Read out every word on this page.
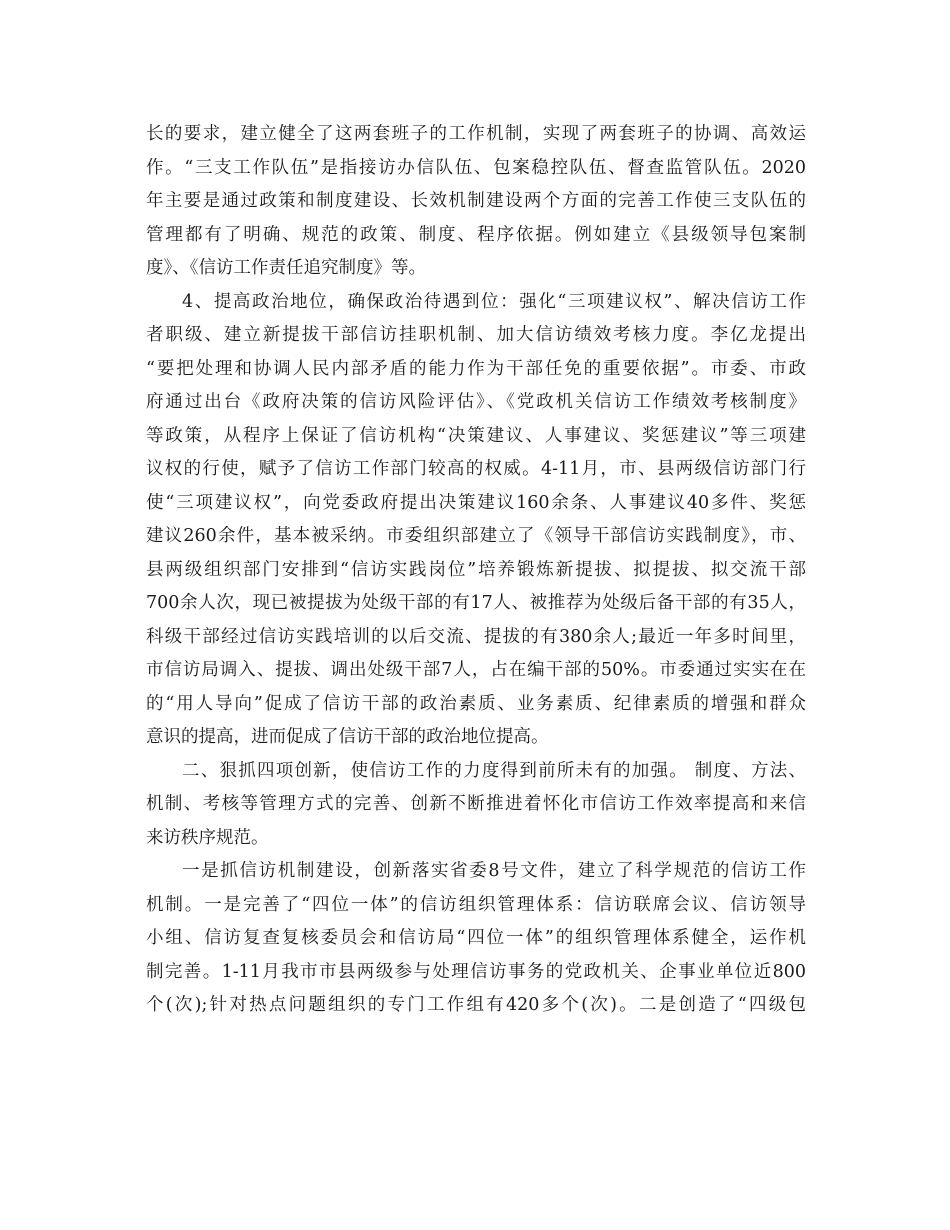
长的要求，建立健全了这两套班子的工作机制，实现了两套班子的协调、高效运
作。“三支工作队伍”是指接访办信队伍、包案稳控队伍、督查监管队伍。2020
年主要是通过政策和制度建设、长效机制建设两个方面的完善工作使三支队伍的
管理都有了明确、规范的政策、制度、程序依据。例如建立《县级领导包案制
度》、《信访工作责任追究制度》等。
4、提高政治地位，确保政治待遇到位：强化“三项建议权”、解决信访工作
者职级、建立新提拔干部信访挂职机制、加大信访绩效考核力度。李亿龙提出
“要把处理和协调人民内部矛盾的能力作为干部任免的重要依据”。市委、市政
府通过出台《政府决策的信访风险评估》、《党政机关信访工作绩效考核制度》
等政策，从程序上保证了信访机构“决策建议、人事建议、奖惩建议”等三项建
议权的行使，赋予了信访工作部门较高的权威。4-11月，市、县两级信访部门行
使“三项建议权”，向党委政府提出决策建议160余条、人事建议40多件、奖惩
建议260余件，基本被采纳。市委组织部建立了《领导干部信访实践制度》，市、
县两级组织部门安排到“信访实践岗位”培养锻炼新提拔、拟提拔、拟交流干部
700余人次，现已被提拔为处级干部的有17人、被推荐为处级后备干部的有35人，
科级干部经过信访实践培训的以后交流、提拔的有380余人;最近一年多时间里，
市信访局调入、提拔、调出处级干部7人，占在编干部的50%。市委通过实实在在
的“用人导向”促成了信访干部的政治素质、业务素质、纪律素质的增强和群众
意识的提高，进而促成了信访干部的政治地位提高。
二、狠抓四项创新，使信访工作的力度得到前所未有的加强。 制度、方法、
机制、考核等管理方式的完善、创新不断推进着怀化市信访工作效率提高和来信
来访秩序规范。
一是抓信访机制建设，创新落实省委8号文件，建立了科学规范的信访工作
机制。一是完善了“四位一体”的信访组织管理体系：信访联席会议、信访领导
小组、信访复查复核委员会和信访局“四位一体”的组织管理体系健全，运作机
制完善。1-11月我市市县两级参与处理信访事务的党政机关、企事业单位近800
个(次);针对热点问题组织的专门工作组有420多个(次)。二是创造了“四级包
